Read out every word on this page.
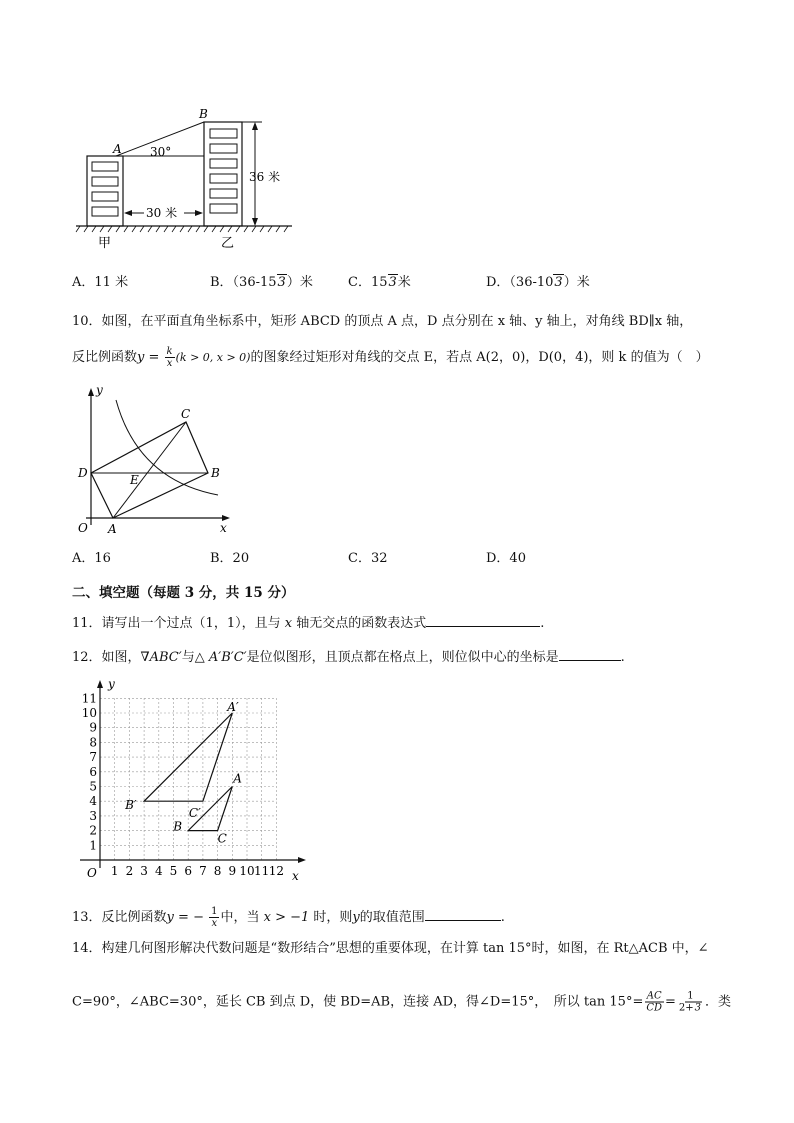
30 米
36 米
A
B
30°
甲	乙
A．11 米	B．（36-153）米	C．153米	D．（36-103）米
10．如图，在平面直角坐标系中，矩形 ABCD 的顶点 A 点，D 点分别在 x 轴、y 轴上，对角线 BD∥x 轴，
反比例函数$y = \frac{k}{x} (k > 0$, x > 0)的图象经过矩形对角线的交点 E，若点 A(2，0)，D(0，4)，则 k 的值为（　）
y
x
O A
B
C
D	E
A．16	B．20	C．32	D．40
二、填空题（每题 3 分，共 15 分）
11．请写出一个过点（1，1），且与 x 轴无交点的函数表达式	.
12．如图，∇ABC′与△ A′B′C′是位似图形，且顶点都在格点上，则位似中心的坐标是	.
11
10
9
8
7
6
5
4
3
2
1
1 2 3 4 5 6 7 8 9 10 11 12
O	x
y
A
B
C
A′
B′
C′
13．反比例函数y = − $\frac{1}{x}$ 中，当 x > −1 时，则y的取值范围	.
14．构建几何图形解决代数问题是“数形结合”思想的重要体现，在计算 tan 15°时，如图，在 Rt△ACB 中，∠
C=90°，∠ABC=30°，延长 CB 到点 D，使 BD=AB，连接 AD，得∠D=15°，　所以 $\tan 15^\circ= \frac{AC}{CD} = \frac{1}{2+3}$ ．类
